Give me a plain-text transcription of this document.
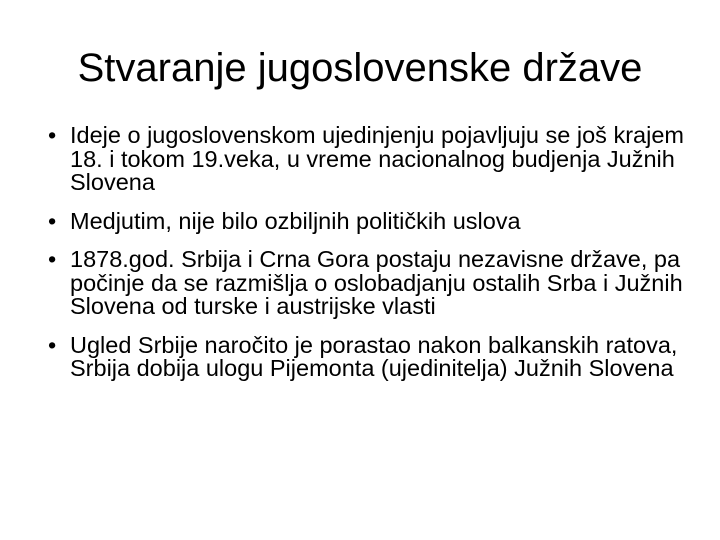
Stvaranje jugoslovenske države
• Ideje o jugoslovenskom ujedinjenju pojavljuju se još krajem 18. i tokom 19.veka, u vreme nacionalnog budjenja Južnih Slovena
• Medjutim, nije bilo ozbiljnih političkih uslova
• 1878.god. Srbija i Crna Gora postaju nezavisne države, pa počinje da se razmišlja o oslobadjanju ostalih Srba i Južnih Slovena od turske i austrijske vlasti
• Ugled Srbije naročito je porastao nakon balkanskih ratova, Srbija dobija ulogu Pijemonta (ujedinitelja) Južnih Slovena
